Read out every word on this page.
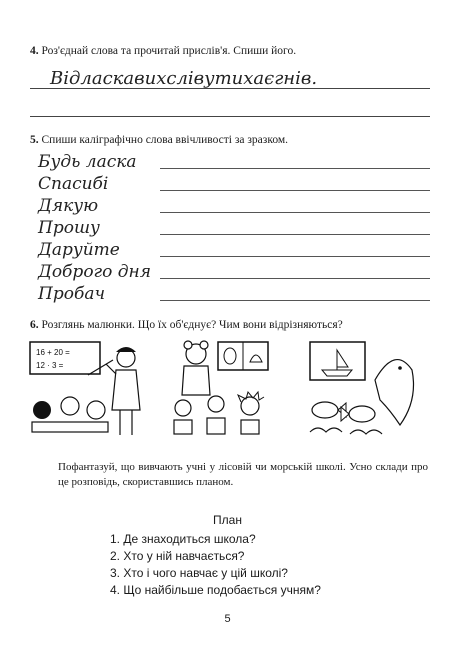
4. Роз'єднай слова та прочитай прислів'я. Спиши його.
Відласкавихслівутихаєгнів.
5. Спиши каліграфічно слова ввічливості за зразком.
Будь ласка
Спасибі
Дякую
Прошу
Даруйте
Доброго дня
Пробач
6. Розглянь малюнки. Що їх об'єднує? Чим вони відрізняються?
16 + 20 =
12 · 3 =
Пофантазуй, що вивчають учні у лісовій чи морській школі. Усно склади про це розповідь, скориставшись планом.
План
1. Де знаходиться школа?
2. Хто у ній навчається?
3. Хто і чого навчає у цій школі?
4. Що найбільше подобається учням?
5
